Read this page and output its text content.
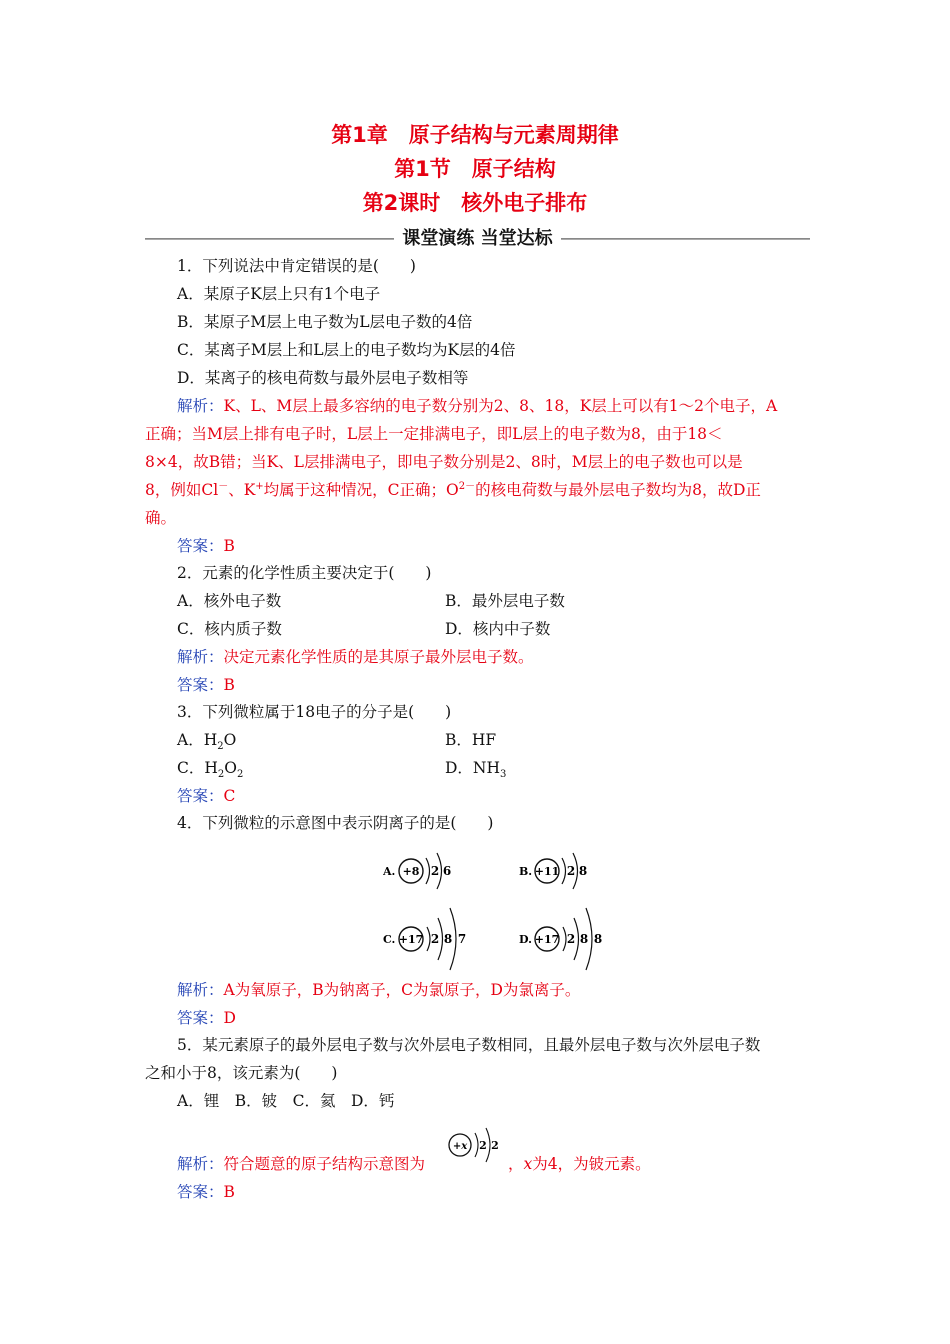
第1章　原子结构与元素周期律
第1节　原子结构
第2课时　核外电子排布
课堂演练 当堂达标
1．下列说法中肯定错误的是(　　)
A．某原子K层上只有1个电子
B．某原子M层上电子数为L层电子数的4倍
C．某离子M层上和L层上的电子数均为K层的4倍
D．某离子的核电荷数与最外层电子数相等
解析：K、L、M层上最多容纳的电子数分别为2、8、18，K层上可以有1～2个电子，A
正确；当M层上排有电子时，L层上一定排满电子，即L层上的电子数为8，由于18＜
8×4，故B错；当K、L层排满电子，即电子数分别是2、8时，M层上的电子数也可以是
8，例如Cl－、K+均属于这种情况，C正确；$O^{2-}$的核电荷数与最外层电子数均为8，故D正
确。
答案：B
2．元素的化学性质主要决定于(　　)
A．核外电子数	B．最外层电子数
C．核内质子数	D．核内中子数
解析：决定元素化学性质的是其原子最外层电子数。
答案：B
3．下列微粒属于18电子的分子是(　　)
A．$H_2O$	B．HF
C．$H_2O_2$	D．$NH_3$
答案：C
4．下列微粒的示意图中表示阴离子的是(　　)
A. +8 2 6	B. +11 2 8
C. +17 2 8 7	D. +17 2 8 8
解析：A为氧原子，B为钠离子，C为氯原子，D为氯离子。
答案：D
5．某元素原子的最外层电子数与次外层电子数相同，且最外层电子数与次外层电子数
之和小于8，该元素为(　　)
A．锂　B．铍　C．氦　D．钙
解析：符合题意的原子结构示意图为
+x 2 2
，x为4，为铍元素。
答案：B
